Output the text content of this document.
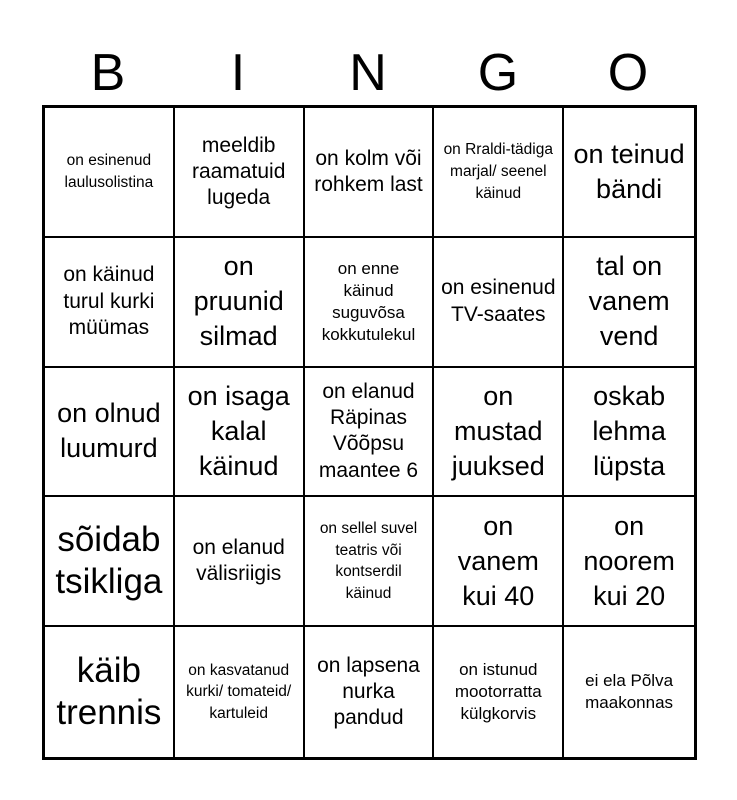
B	I	N	G	O
on esinenud laulusolistina
meeldib raamatuid lugeda
on kolm või rohkem last
on Rraldi-tädiga marjal/ seenel käinud
on teinud bändi
on käinud turul kurki müümas
on pruunid silmad
on enne käinud suguvõsa kokkutulekul
on esinenud TV-saates
tal on vanem vend
on olnud luumurd
on isaga kalal käinud
on elanud Räpinas Võõpsu maantee 6
on mustad juuksed
oskab lehma lüpsta
sõidab tsikliga
on elanud välisriigis
on sellel suvel teatris või kontserdil käinud
on vanem kui 40
on noorem kui 20
käib trennis
on kasvatanud kurki/ tomateid/ kartuleid
on lapsena nurka pandud
on istunud mootorratta külgkorvis
ei ela Põlva maakonnas
